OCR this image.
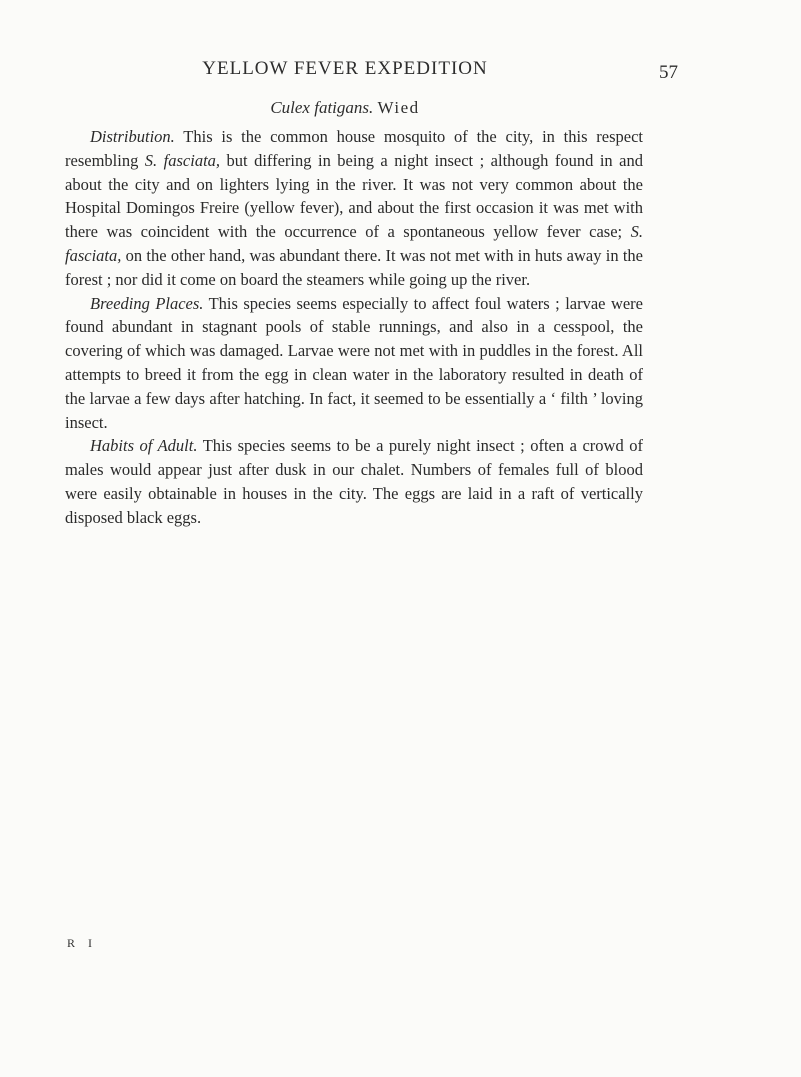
YELLOW FEVER EXPEDITION	57
Culex fatigans. Wied

Distribution. This is the common house mosquito of the city, in this respect resembling S. fasciata, but differing in being a night insect ; although found in and about the city and on lighters lying in the river. It was not very common about the Hospital Domingos Freire (yellow fever), and about the first occasion it was met with there was coincident with the occurrence of a spontaneous yellow fever case; S. fasciata, on the other hand, was abundant there. It was not met with in huts away in the forest ; nor did it come on board the steamers while going up the river.

Breeding Places. This species seems especially to affect foul waters ; larvae were found abundant in stagnant pools of stable runnings, and also in a cesspool, the covering of which was damaged. Larvae were not met with in puddles in the forest. All attempts to breed it from the egg in clean water in the laboratory resulted in death of the larvae a few days after hatching. In fact, it seemed to be essentially a ‘ filth ’ loving insect.

Habits of Adult. This species seems to be a purely night insect ; often a crowd of males would appear just after dusk in our chalet. Numbers of females full of blood were easily obtainable in houses in the city. The eggs are laid in a raft of vertically disposed black eggs.

R I
